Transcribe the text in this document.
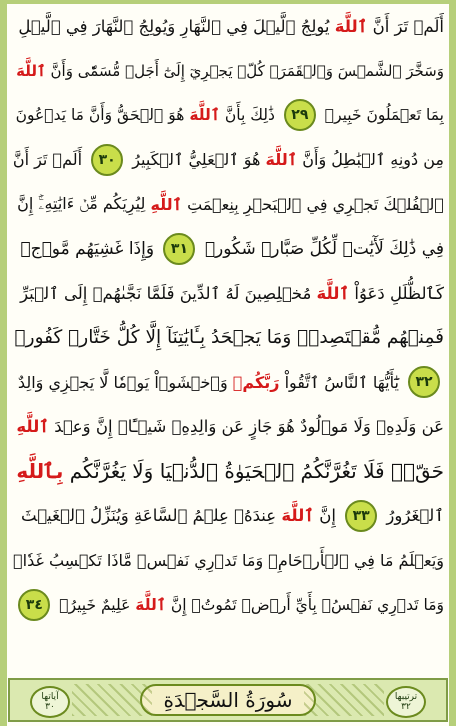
أَلَمۡ تَرَ أَنَّ
ٱللَّهَ
يُولِجُ ٱلَّيۡلَ فِي ٱلنَّهَارِ وَيُولِجُ ٱلنَّهَارَ فِي ٱلَّيۡلِ
وَسَخَّرَ ٱلشَّمۡسَ وَٱلۡقَمَرَۖ كُلّٞ يَجۡرِيٓ إِلَىٰٓ أَجَلٖ مُّسَمّٗى وَأَنَّ
ٱللَّهَ
بِمَا تَعۡمَلُونَ خَبِيرٞ
٢٩
ذَٰلِكَ بِأَنَّ
ٱللَّهَ
هُوَ ٱلۡحَقُّ وَأَنَّ مَا يَدۡعُونَ
مِن دُونِهِ ٱلۡبَٰطِلُ وَأَنَّ
ٱللَّهَ
هُوَ ٱلۡعَلِيُّ ٱلۡكَبِيرُ
٣٠
أَلَمۡ تَرَ أَنَّ
ٱلۡفُلۡكَ تَجۡرِي فِي ٱلۡبَحۡرِ بِنِعۡمَتِ
ٱللَّهِ
لِيُرِيَكُم مِّنۡ ءَايَٰتِهِۦٓۚ إِنَّ
فِي ذَٰلِكَ لَأٓيَٰتٖ لِّكُلِّ صَبَّارٖ شَكُورٖ
٣١
وَإِذَا غَشِيَهُم مَّوۡجٞ
كَٱلظُّلَلِ دَعَوُاْ
ٱللَّهَ
مُخۡلِصِينَ لَهُ ٱلدِّينَ فَلَمَّا نَجَّىٰهُمۡ إِلَى ٱلۡبَرِّ
فَمِنۡهُم مُّقۡتَصِدٞۚ وَمَا يَجۡحَدُ بِـَٔايَٰتِنَآ إِلَّا كُلُّ خَتَّارٖ كَفُورٖ
٣٢
يَٰٓأَيُّهَا ٱلنَّاسُ ٱتَّقُواْ
رَبَّكُمۡ
وَٱخۡشَوۡاْ يَوۡمٗا لَّا يَجۡزِي وَالِدٌ
عَن وَلَدِهِۦ وَلَا مَوۡلُودٌ هُوَ جَازٍ عَن وَالِدِهِۦ شَيۡـًٔاۚ إِنَّ وَعۡدَ
ٱللَّهِ
حَقّٞۖ فَلَا تَغُرَّنَّكُمُ ٱلۡحَيَوٰةُ ٱلدُّنۡيَا وَلَا يَغُرَّنَّكُم
بِٱللَّهِ
ٱلۡغَرُورُ
٣٣
إِنَّ
ٱللَّهَ
عِندَهُۥ عِلۡمُ ٱلسَّاعَةِ وَيُنَزِّلُ ٱلۡغَيۡثَ
وَيَعۡلَمُ مَا فِي ٱلۡأَرۡحَامِۖ وَمَا تَدۡرِي نَفۡسٞ مَّاذَا تَكۡسِبُ غَدٗاۖ
وَمَا تَدۡرِي نَفۡسُۢ بِأَيِّ أَرۡضٖ تَمُوتُۚ إِنَّ
ٱللَّهَ
عَلِيمٌ خَبِيرُۢ
٣٤
آياتها
٣٠	سُورَةُ السَّجۡدَةِ	ترتيبها
٣٢
